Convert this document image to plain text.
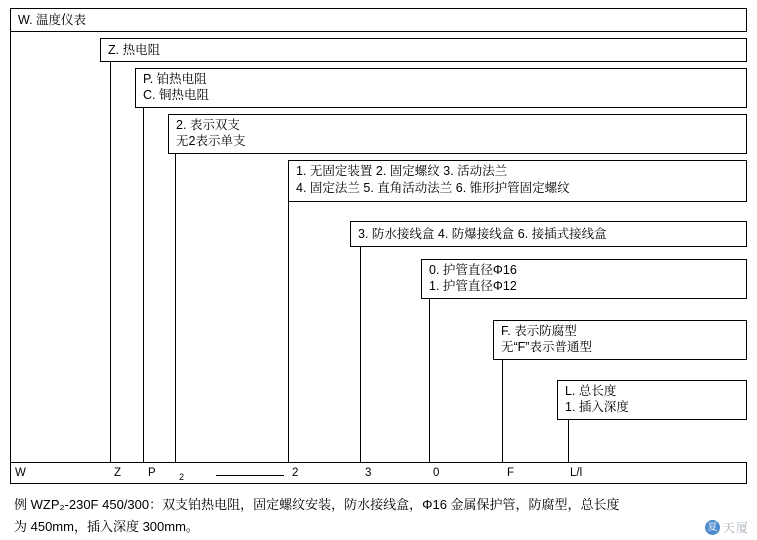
W. 温度仪表
Z. 热电阻
P. 铂热电阻
C. 铜热电阻
2. 表示双支
无2表示单支
1. 无固定装置 2. 固定螺纹 3. 活动法兰
4. 固定法兰 5. 直角活动法兰 6. 锥形护管固定螺纹
3. 防水接线盒 4. 防爆接线盒 6. 接插式接线盒
0. 护管直径Φ16
1. 护管直径Φ12
F. 表示防腐型
无“F”表示普通型
L. 总长度
1. 插入深度
W	Z P	2	2	3	0	F	L/l
例 WZP₂-230F 450/300：双支铂热电阻，固定螺纹安装，防水接线盒，Φ16 金属保护管，防腐型，总长度
为 450mm，插入深度 300mm。	夏 天厦
